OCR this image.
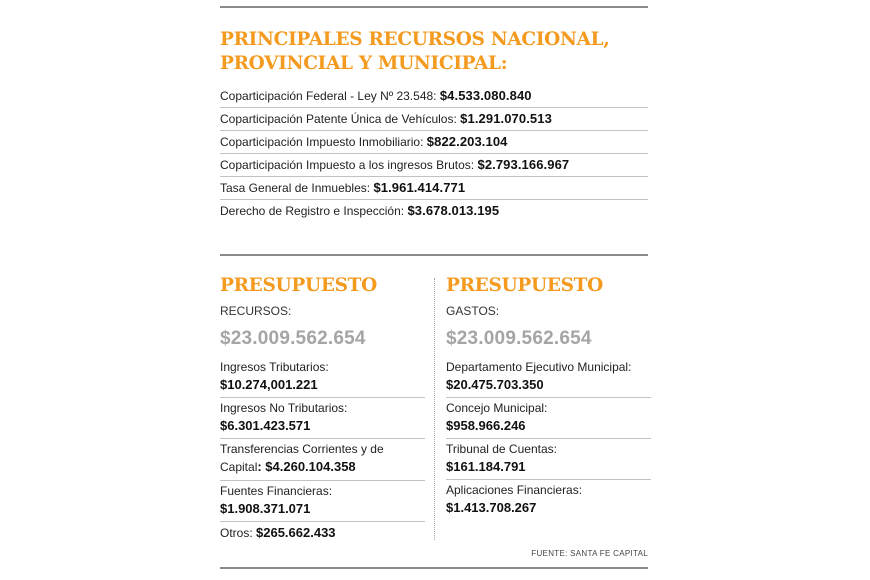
PRINCIPALES RECURSOS NACIONAL,
PROVINCIAL Y MUNICIPAL:
Coparticipación Federal - Ley Nº 23.548: $4.533.080.840
Coparticipación Patente Única de Vehículos: $1.291.070.513
Coparticipación Impuesto Inmobiliario: $822.203.104
Coparticipación Impuesto a los ingresos Brutos: $2.793.166.967
Tasa General de Inmuebles: $1.961.414.771
Derecho de Registro e Inspección: $3.678.013.195
PRESUPUESTO
RECURSOS:
$23.009.562.654
Ingresos Tributarios:
$10.274,001.221
Ingresos No Tributarios:
$6.301.423.571
Transferencias Corrientes y de
Capital: $4.260.104.358
Fuentes Financieras:
$1.908.371.071
Otros: $265.662.433
PRESUPUESTO
GASTOS:
$23.009.562.654
Departamento Ejecutivo Municipal:
$20.475.703.350
Concejo Municipal:
$958.966.246
Tribunal de Cuentas:
$161.184.791
Aplicaciones Financieras:
$1.413.708.267
FUENTE: SANTA FE CAPITAL
